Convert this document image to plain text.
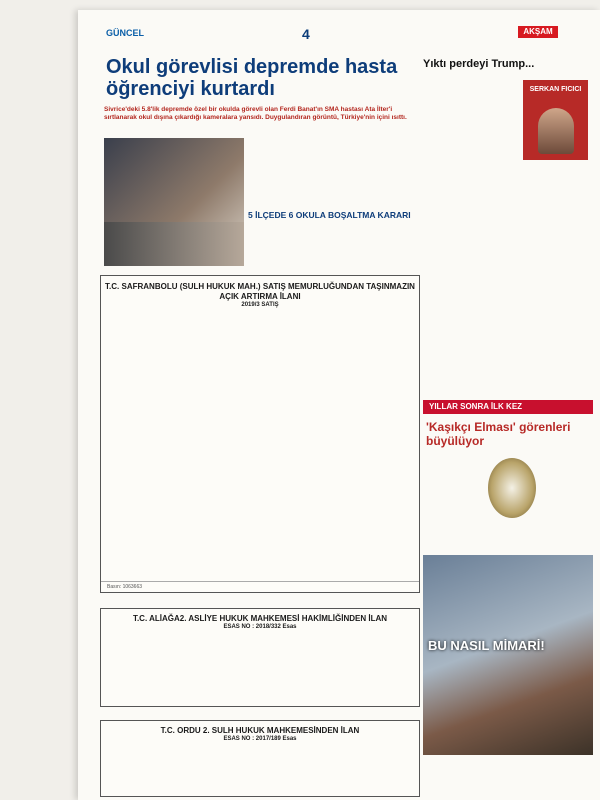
GÜNCEL	4	AKŞAM
Okul görevlisi depremde hasta öğrenciyi kurtardı
Sivrice'deki 5.8'lik depremde özel bir okulda görevli olan Ferdi Banat'ın SMA hastası Ata İlter'i sırtlanarak okul dışına çıkardığı kameralara yansıdı. Duygulandıran görüntü, Türkiye'nin içini ısıttı.
5 İLÇEDE 6 OKULA BOŞALTMA KARARI
T.C. SAFRANBOLU (SULH HUKUK MAH.) SATIŞ MEMURLUĞUNDAN TAŞINMAZIN AÇIK ARTIRMA İLANI
2019/3 SATIŞ
Basın: 1063663
T.C. ALİAĞA2. ASLİYE HUKUK MAHKEMESİ HAKİMLİĞİNDEN İLAN
ESAS NO : 2018/332 Esas
T.C. ORDU 2. SULH HUKUK MAHKEMESİNDEN İLAN
ESAS NO : 2017/189 Esas
Yıktı perdeyi Trump...
SERKAN FICICI
YILLAR SONRA İLK KEZ
'Kaşıkçı Elması' görenleri büyülüyor
BU NASIL MİMARİ!
